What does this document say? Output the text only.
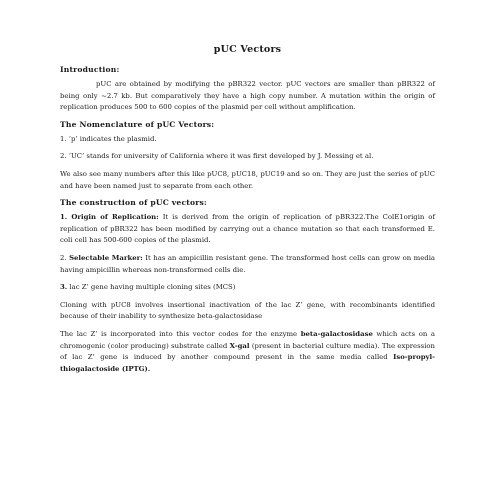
pUC Vectors
Introduction:

pUC are obtained by modifying the pBR322 vector. pUC vectors are smaller than pBR322 of being only ~2.7 kb. But comparatively they have a high copy number. A mutation within the origin of replication produces 500 to 600 copies of the plasmid per cell without amplification.

The Nomenclature of pUC Vectors:

1. ‘p’ indicates the plasmid.

2. ‘UC’ stands for university of California where it was first developed by J. Messing et al.

We also see many numbers after this like pUC8, pUC18, pUC19 and so on. They are just the series of pUC and have been named just to separate from each other.

The construction of pUC vectors:

1. Origin of Replication: It is derived from the origin of replication of pBR322.The ColE1origin of replication of pBR322 has been modified by carrying out a chance mutation so that each transformed E. coli cell has 500-600 copies of the plasmid.

2. Selectable Marker: It has an ampicillin resistant gene. The transformed host cells can grow on media having ampicillin whereas non-transformed cells die.

3. lac Z’ gene having multiple cloning sites (MCS)

Cloning with pUC8 involves insertional inactivation of the lac Z’ gene, with recombinants identified because of their inability to synthesize beta-galactosidase

The lac Z’ is incorporated into this vector codes for the enzyme beta-galactosidase which acts on a chromogenic (color producing) substrate called X-gal (present in bacterial culture media). The expression of lac Z’ gene is induced by another compound present in the same media called Iso-propyl-thiogalactoside (IPTG).
